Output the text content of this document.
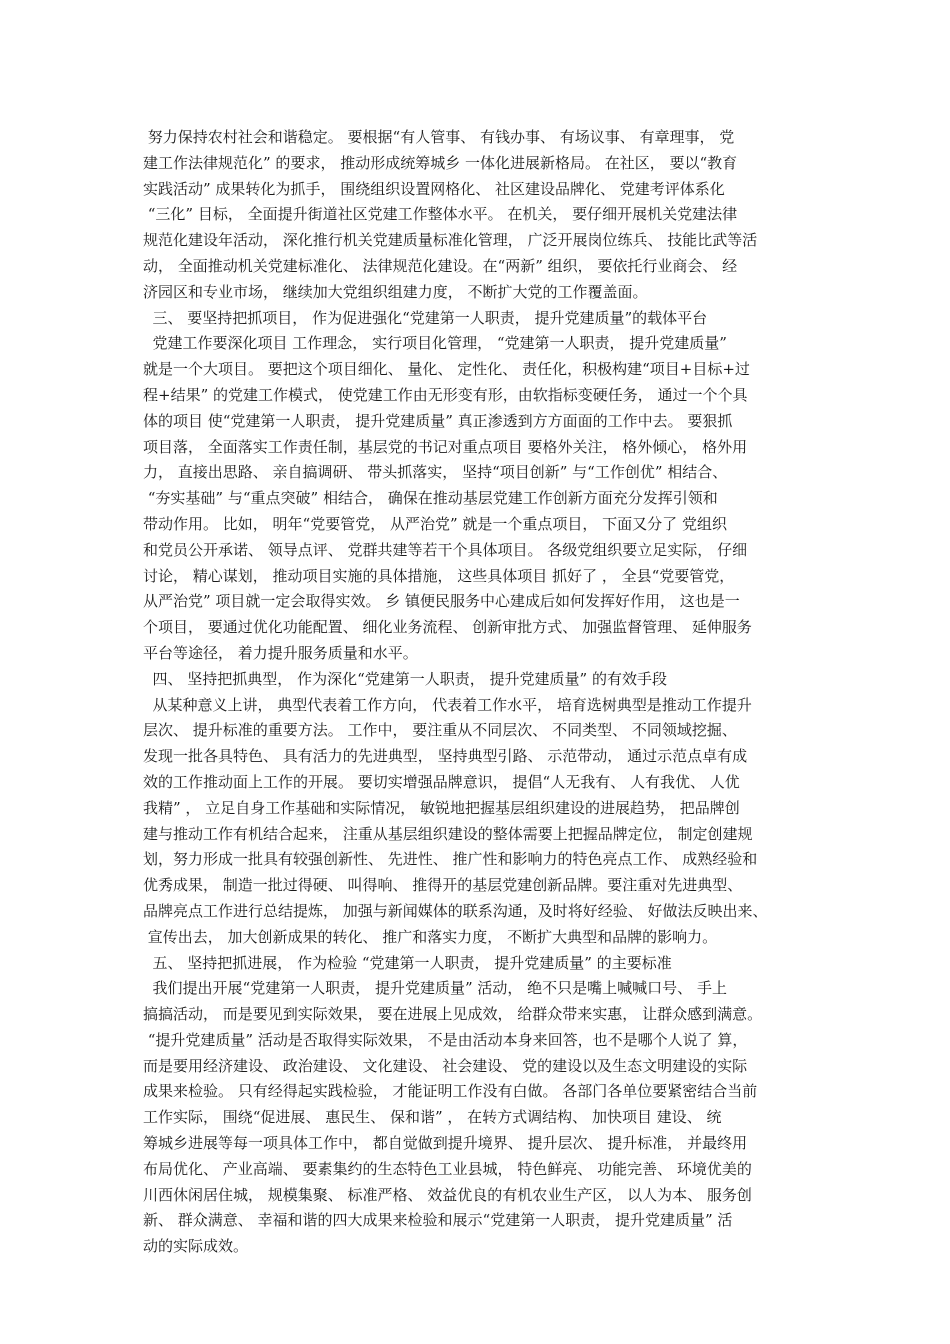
努力保持农村社会和谐稳定。 要根据“有人管事、 有钱办事、 有场议事、 有章理事， 党
建工作法律规范化” 的要求， 推动形成统筹城乡 一体化进展新格局。 在社区， 要以“教育
实践活动” 成果转化为抓手， 围绕组织设置网格化、 社区建设品牌化、 党建考评体系化
“三化” 目标， 全面提升街道社区党建工作整体水平。 在机关， 要仔细开展机关党建法律
规范化建设年活动， 深化推行机关党建质量标准化管理， 广泛开展岗位练兵、 技能比武等活
动， 全面推动机关党建标准化、 法律规范化建设。在“两新” 组织， 要依托行业商会、 经
济园区和专业市场， 继续加大党组织组建力度， 不断扩大党的工作覆盖面。
三、 要坚持把抓项目， 作为促进强化“党建第一人职责， 提升党建质量”的载体平台
党建工作要深化项目 工作理念， 实行项目化管理， “党建第一人职责， 提升党建质量”
就是一个大项目。 要把这个项目细化、 量化、 定性化、 责任化，积极构建“项目+目标+过
程+结果” 的党建工作模式， 使党建工作由无形变有形，由软指标变硬任务， 通过一个个具
体的项目 使“党建第一人职责， 提升党建质量” 真正渗透到方方面面的工作中去。 要狠抓
项目落， 全面落实工作责任制，基层党的书记对重点项目 要格外关注， 格外倾心， 格外用
力， 直接出思路、 亲自搞调研、 带头抓落实， 坚持“项目创新” 与“工作创优” 相结合、
“夯实基础” 与“重点突破” 相结合， 确保在推动基层党建工作创新方面充分发挥引领和
带动作用。 比如， 明年“党要管党， 从严治党” 就是一个重点项目， 下面又分了 党组织
和党员公开承诺、 领导点评、 党群共建等若干个具体项目。 各级党组织要立足实际， 仔细
讨论， 精心谋划， 推动项目实施的具体措施， 这些具体项目 抓好了 ， 全县“党要管党，
从严治党” 项目就一定会取得实效。 乡 镇便民服务中心建成后如何发挥好作用， 这也是一
个项目， 要通过优化功能配置、 细化业务流程、 创新审批方式、 加强监督管理、 延伸服务
平台等途径， 着力提升服务质量和水平。
四、 坚持把抓典型， 作为深化“党建第一人职责， 提升党建质量” 的有效手段
从某种意义上讲， 典型代表着工作方向， 代表着工作水平， 培育选树典型是推动工作提升
层次、 提升标准的重要方法。 工作中， 要注重从不同层次、 不同类型、 不同领域挖掘、
发现一批各具特色、 具有活力的先进典型， 坚持典型引路、 示范带动， 通过示范点卓有成
效的工作推动面上工作的开展。 要切实增强品牌意识， 提倡“人无我有、 人有我优、 人优
我精” ， 立足自身工作基础和实际情况， 敏锐地把握基层组织建设的进展趋势， 把品牌创
建与推动工作有机结合起来， 注重从基层组织建设的整体需要上把握品牌定位， 制定创建规
划，努力形成一批具有较强创新性、 先进性、 推广性和影响力的特色亮点工作、 成熟经验和
优秀成果， 制造一批过得硬、 叫得响、 推得开的基层党建创新品牌。要注重对先进典型、
品牌亮点工作进行总结提炼， 加强与新闻媒体的联系沟通，及时将好经验、 好做法反映出来、
宣传出去， 加大创新成果的转化、 推广和落实力度， 不断扩大典型和品牌的影响力。
五、 坚持把抓进展， 作为检验 “党建第一人职责， 提升党建质量” 的主要标准
我们提出开展“党建第一人职责， 提升党建质量” 活动， 绝不只是嘴上喊喊口号、 手上
搞搞活动， 而是要见到实际效果， 要在进展上见成效， 给群众带来实惠， 让群众感到满意。
“提升党建质量” 活动是否取得实际效果， 不是由活动本身来回答，也不是哪个人说了 算，
而是要用经济建设、 政治建设、 文化建设、 社会建设、 党的建设以及生态文明建设的实际
成果来检验。 只有经得起实践检验， 才能证明工作没有白做。 各部门各单位要紧密结合当前
工作实际， 围绕“促进展、 惠民生、 保和谐” ， 在转方式调结构、 加快项目 建设、 统
筹城乡进展等每一项具体工作中， 都自觉做到提升境界、 提升层次、 提升标准， 并最终用
布局优化、 产业高端、 要素集约的生态特色工业县城， 特色鲜亮、 功能完善、 环境优美的
川西休闲居住城， 规模集聚、 标准严格、 效益优良的有机农业生产区， 以人为本、 服务创
新、 群众满意、 幸福和谐的四大成果来检验和展示“党建第一人职责， 提升党建质量” 活
动的实际成效。
